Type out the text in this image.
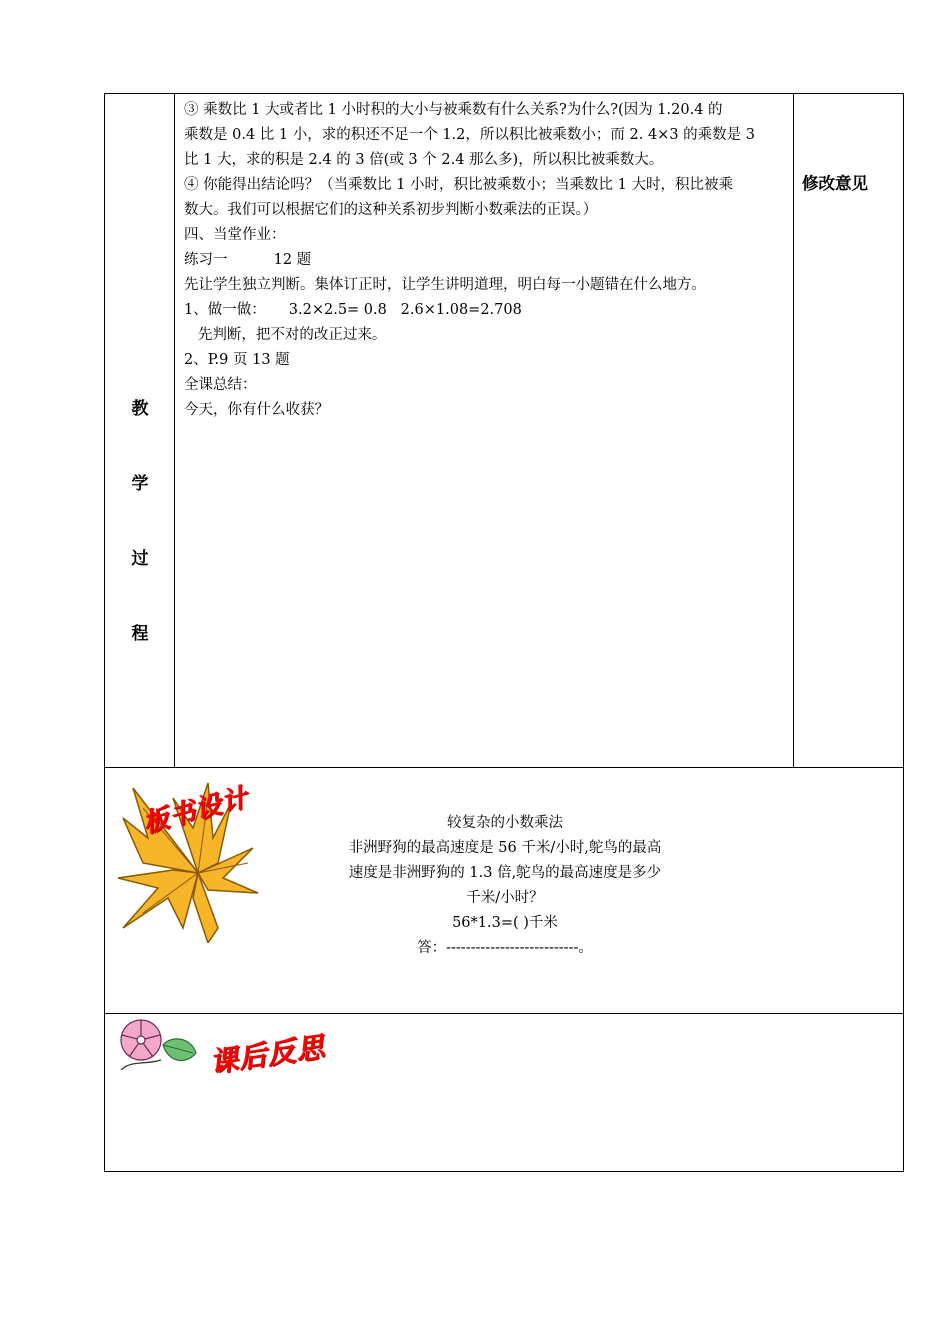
教
学
过
程

③ 乘数比 1 大或者比 1 小时积的大小与被乘数有什么关系?为什么?(因为 1.20.4 的

乘数是 0.4 比 1 小，求的积还不足一个 1.2，所以积比被乘数小；而 2. 4×3 的乘数是 3

比 1 大，求的积是 2.4 的 3 倍(或 3 个 2.4 那么多)，所以积比被乘数大。

④ 你能得出结论吗？（当乘数比 1 小时，积比被乘数小；当乘数比 1 大时，积比被乘

数大。我们可以根据它们的这种关系初步判断小数乘法的正误。）

四、当堂作业：

练习一          12 题

先让学生独立判断。集体订正时，让学生讲明道理，明白每一小题错在什么地方。

1、做一做：     3.2×2.5= 0.8   2.6×1.08=2.708

先判断，把不对的改正过来。

2、P.9 页 13 题

全课总结：

今天，你有什么收获？

修改意见
板书设计	较复杂的小数乘法

非洲野狗的最高速度是 56 千米/小时,鸵鸟的最高

速度是非洲野狗的 1.3 倍,鸵鸟的最高速度是多少

千米/小时？

56*1.3=( )千米

答：---------------------------。

课后反思
